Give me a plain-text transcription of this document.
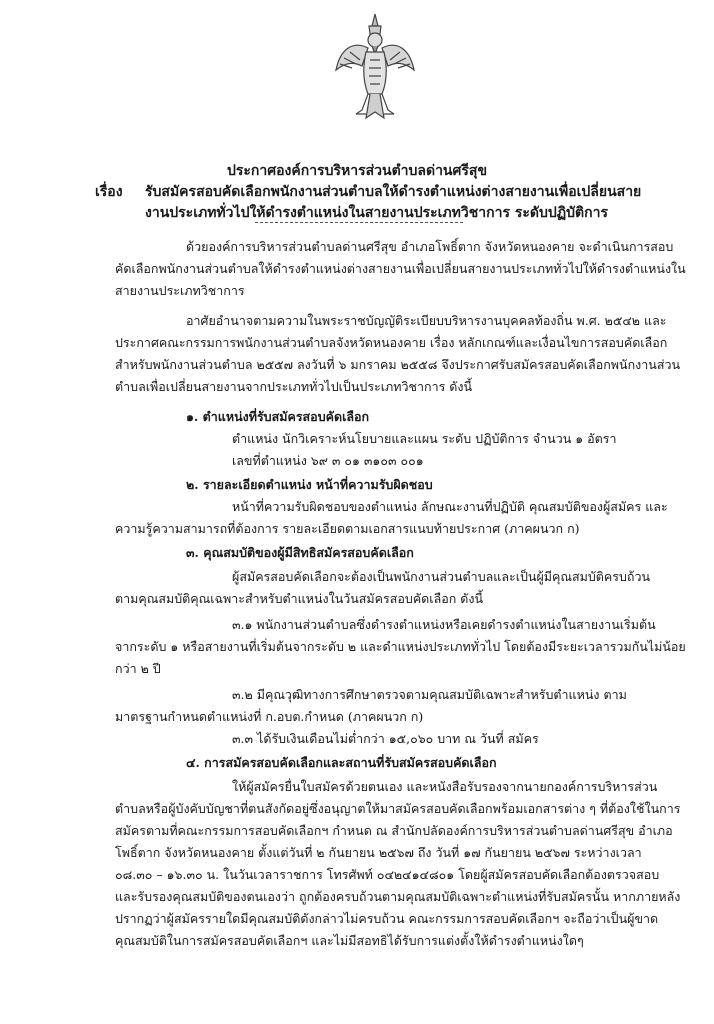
ประกาศองค์การบริหารส่วนตำบลด่านศรีสุข
เรื่อง รับสมัครสอบคัดเลือกพนักงานส่วนตำบลให้ดำรงตำแหน่งต่างสายงานเพื่อเปลี่ยนสาย
งานประเภททั่วไปให้ดำรงตำแหน่งในสายงานประเภทวิชาการ ระดับปฏิบัติการ
ด้วยองค์การบริหารส่วนตำบลด่านศรีสุข อำเภอโพธิ์ตาก จังหวัดหนองคาย จะดำเนินการสอบ
คัดเลือกพนักงานส่วนตำบลให้ดำรงตำแหน่งต่างสายงานเพื่อเปลี่ยนสายงานประเภททั่วไปให้ดำรงตำแหน่งใน
สายงานประเภทวิชาการ
อาศัยอำนาจตามความในพระราชบัญญัติระเบียบบริหารงานบุคคลท้องถิ่น พ.ศ. ๒๕๔๒ และ
ประกาศคณะกรรมการพนักงานส่วนตำบลจังหวัดหนองคาย เรื่อง หลักเกณฑ์และเงื่อนไขการสอบคัดเลือก
สำหรับพนักงานส่วนตำบล ๒๕๕๗ ลงวันที่ ๖ มกราคม ๒๕๕๘ จึงประกาศรับสมัครสอบคัดเลือกพนักงานส่วน
ตำบลเพื่อเปลี่ยนสายงานจากประเภททั่วไปเป็นประเภทวิชาการ ดังนี้
๑. ตำแหน่งที่รับสมัครสอบคัดเลือก
ตำแหน่ง นักวิเคราะห์นโยบายและแผน ระดับ ปฏิบัติการ จำนวน ๑ อัตรา
เลขที่ตำแหน่ง ๖๙ ๓ ๐๑ ๓๑๐๓ ๐๐๑
๒. รายละเอียดตำแหน่ง หน้าที่ความรับผิดชอบ
หน้าที่ความรับผิดชอบของตำแหน่ง ลักษณะงานที่ปฏิบัติ คุณสมบัติของผู้สมัคร และ
ความรู้ความสามารถที่ต้องการ รายละเอียดตามเอกสารแนบท้ายประกาศ (ภาคผนวก ก)
๓. คุณสมบัติของผู้มีสิทธิสมัครสอบคัดเลือก
ผู้สมัครสอบคัดเลือกจะต้องเป็นพนักงานส่วนตำบลและเป็นผู้มีคุณสมบัติครบถ้วน
ตามคุณสมบัติคุณเฉพาะสำหรับตำแหน่งในวันสมัครสอบคัดเลือก ดังนี้
๓.๑ พนักงานส่วนตำบลซึ่งดำรงตำแหน่งหรือเคยดำรงตำแหน่งในสายงานเริ่มต้น
จากระดับ ๑ หรือสายงานที่เริ่มต้นจากระดับ ๒ และดำแหน่งประเภททั่วไป โดยต้องมีระยะเวลารวมกันไม่น้อย
กว่า ๒ ปี
๓.๒ มีคุณวุฒิทางการศึกษาตรวจตามคุณสมบัติเฉพาะสำหรับตำแหน่ง ตาม
มาตรฐานกำหนดตำแหน่งที่ ก.อบต.กำหนด (ภาคผนวก ก)
๓.๓ ได้รับเงินเดือนไม่ต่ำกว่า ๑๕,๐๖๐ บาท ณ วันที่ สมัคร
๔. การสมัครสอบคัดเลือกและสถานที่รับสมัครสอบคัดเลือก
ให้ผู้สมัครยื่นใบสมัครด้วยตนเอง และหนังสือรับรองจากนายกองค์การบริหารส่วน
ตำบลหรือผู้บังคับบัญชาที่ตนสังกัดอยู่ซึ่งอนุญาตให้มาสมัครสอบคัดเลือกพร้อมเอกสารต่าง ๆ ที่ต้องใช้ในการ
สมัครตามที่คณะกรรมการสอบคัดเลือกฯ กำหนด ณ สำนักปลัดองค์การบริหารส่วนตำบลด่านศรีสุข อำเภอ
โพธิ์ตาก จังหวัดหนองคาย ตั้งแต่วันที่ ๒ กันยายน ๒๕๖๗ ถึง วันที่ ๑๗ กันยายน ๒๕๖๗ ระหว่างเวลา
๐๘.๓๐ – ๑๖.๓๐ น. ในวันเวลาราชการ โทรศัพท์ ๐๔๒๔๑๔๘๐๑ โดยผู้สมัครสอบคัดเลือกต้องตรวจสอบ
และรับรองคุณสมบัติของตนเองว่า ถูกต้องครบถ้วนตามคุณสมบัติเฉพาะตำแหน่งที่รับสมัครนั้น หากภายหลัง
ปรากฏว่าผู้สมัครรายใดมีคุณสมบัติดังกล่าวไม่ครบถ้วน คณะกรรมการสอบคัดเลือกฯ จะถือว่าเป็นผู้ขาด
คุณสมบัติในการสมัครสอบคัดเลือกฯ และไม่มีสอทธิได้รับการแต่งตั้งให้ดำรงตำแหน่งใดๆ
